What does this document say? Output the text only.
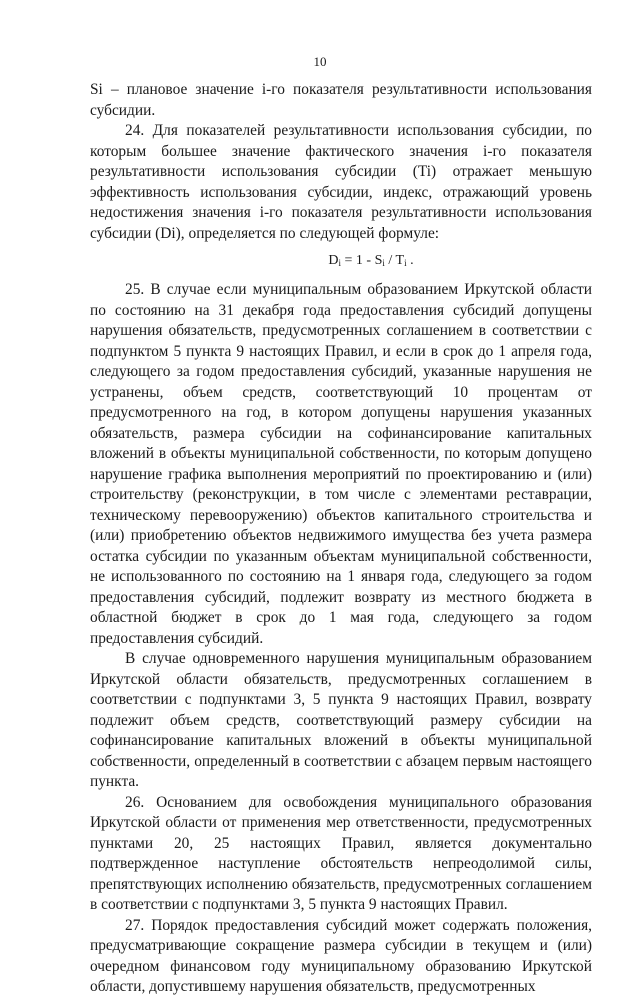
10

Si – плановое значение i-го показателя результативности использования субсидии.

24. Для показателей результативности использования субсидии, по которым большее значение фактического значения i-го показателя результативности использования субсидии (Ti) отражает меньшую эффективность использования субсидии, индекс, отражающий уровень недостижения значения i-го показателя результативности использования субсидии (Di), определяется по следующей формуле:

$D_i = 1 - S_i / T_i$ .

25. В случае если муниципальным образованием Иркутской области по состоянию на 31 декабря года предоставления субсидий допущены нарушения обязательств, предусмотренных соглашением в соответствии с подпунктом 5 пункта 9 настоящих Правил, и если в срок до 1 апреля года, следующего за годом предоставления субсидий, указанные нарушения не устранены, объем средств, соответствующий 10 процентам от предусмотренного на год, в котором допущены нарушения указанных обязательств, размера субсидии на софинансирование капитальных вложений в объекты муниципальной собственности, по которым допущено нарушение графика выполнения мероприятий по проектированию и (или) строительству (реконструкции, в том числе с элементами реставрации, техническому перевооружению) объектов капитального строительства и (или) приобретению объектов недвижимого имущества без учета размера остатка субсидии по указанным объектам муниципальной собственности, не использованного по состоянию на 1 января года, следующего за годом предоставления субсидий, подлежит возврату из местного бюджета в областной бюджет в срок до 1 мая года, следующего за годом предоставления субсидий.

В случае одновременного нарушения муниципальным образованием Иркутской области обязательств, предусмотренных соглашением в соответствии с подпунктами 3, 5 пункта 9 настоящих Правил, возврату подлежит объем средств, соответствующий размеру субсидии на софинансирование капитальных вложений в объекты муниципальной собственности, определенный в соответствии с абзацем первым настоящего пункта.

26. Основанием для освобождения муниципального образования Иркутской области от применения мер ответственности, предусмотренных пунктами 20, 25 настоящих Правил, является документально подтвержденное наступление обстоятельств непреодолимой силы, препятствующих исполнению обязательств, предусмотренных соглашением в соответствии с подпунктами 3, 5 пункта 9 настоящих Правил.

27. Порядок предоставления субсидий может содержать положения, предусматривающие сокращение размера субсидии в текущем и (или) очередном финансовом году муниципальному образованию Иркутской области, допустившему нарушения обязательств, предусмотренных
